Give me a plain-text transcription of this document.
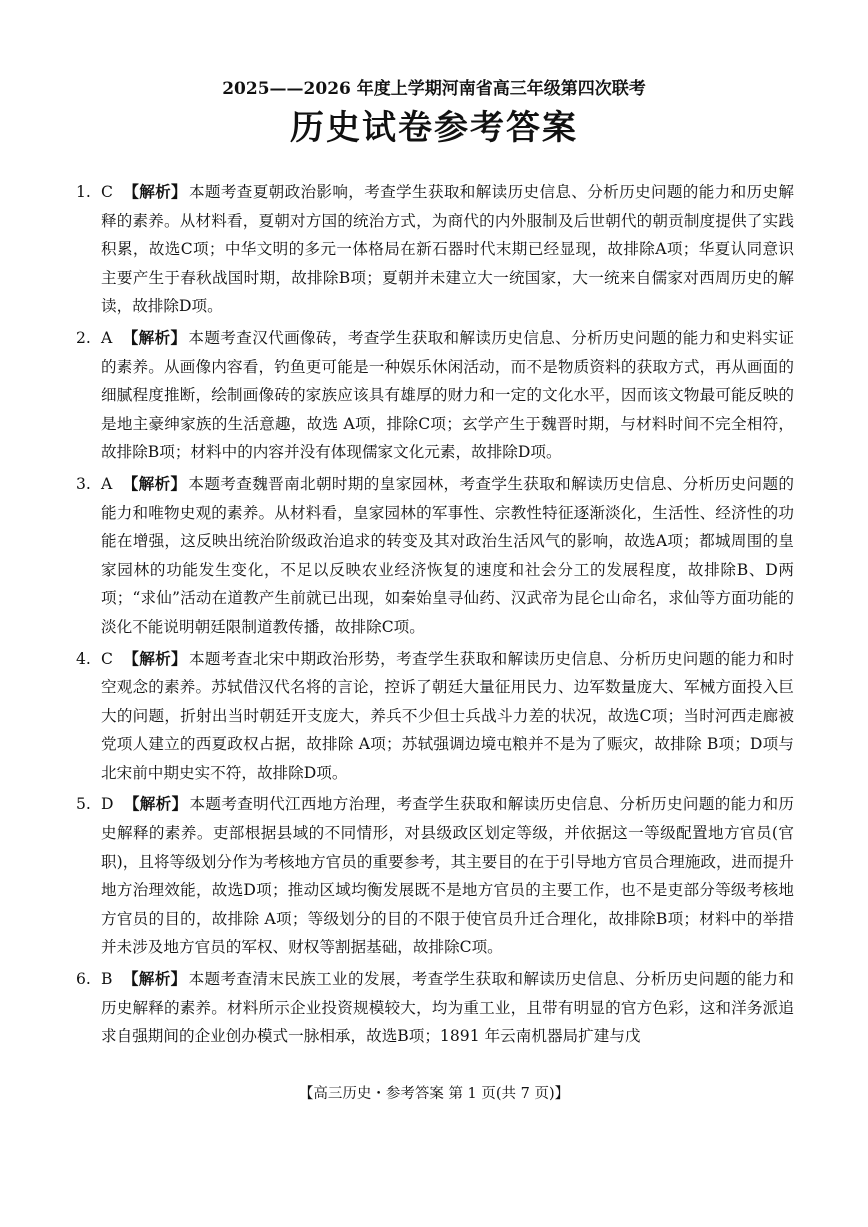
2025——2026 年度上学期河南省高三年级第四次联考
历史试卷参考答案
1. C 【解析】 本题考查夏朝政治影响，考查学生获取和解读历史信息、分析历史问题的能力和历史解释的素养。从材料看，夏朝对方国的统治方式，为商代的内外服制及后世朝代的朝贡制度提供了实践积累，故选C项；中华文明的多元一体格局在新石器时代末期已经显现，故排除A项；华夏认同意识主要产生于春秋战国时期，故排除B项；夏朝并未建立大一统国家，大一统来自儒家对西周历史的解读，故排除D项。
2. A 【解析】 本题考查汉代画像砖，考查学生获取和解读历史信息、分析历史问题的能力和史料实证的素养。从画像内容看，钓鱼更可能是一种娱乐休闲活动，而不是物质资料的获取方式，再从画面的细腻程度推断，绘制画像砖的家族应该具有雄厚的财力和一定的文化水平，因而该文物最可能反映的是地主豪绅家族的生活意趣，故选 A项，排除C项；玄学产生于魏晋时期，与材料时间不完全相符，故排除B项；材料中的内容并没有体现儒家文化元素，故排除D项。
3. A 【解析】 本题考查魏晋南北朝时期的皇家园林，考查学生获取和解读历史信息、分析历史问题的能力和唯物史观的素养。从材料看，皇家园林的军事性、宗教性特征逐渐淡化，生活性、经济性的功能在增强，这反映出统治阶级政治追求的转变及其对政治生活风气的影响，故选A项；都城周围的皇家园林的功能发生变化，不足以反映农业经济恢复的速度和社会分工的发展程度，故排除B、D两项；“求仙”活动在道教产生前就已出现，如秦始皇寻仙药、汉武帝为昆仑山命名，求仙等方面功能的淡化不能说明朝廷限制道教传播，故排除C项。
4. C 【解析】 本题考查北宋中期政治形势，考查学生获取和解读历史信息、分析历史问题的能力和时空观念的素养。苏轼借汉代名将的言论，控诉了朝廷大量征用民力、边军数量庞大、军械方面投入巨大的问题，折射出当时朝廷开支庞大，养兵不少但士兵战斗力差的状况，故选C项；当时河西走廊被党项人建立的西夏政权占据，故排除 A项；苏轼强调边境屯粮并不是为了赈灾，故排除 B项；D项与北宋前中期史实不符，故排除D项。
5. D 【解析】 本题考查明代江西地方治理，考查学生获取和解读历史信息、分析历史问题的能力和历史解释的素养。吏部根据县域的不同情形，对县级政区划定等级，并依据这一等级配置地方官员(官职)，且将等级划分作为考核地方官员的重要参考，其主要目的在于引导地方官员合理施政，进而提升地方治理效能，故选D项；推动区域均衡发展既不是地方官员的主要工作，也不是吏部分等级考核地方官员的目的，故排除 A项；等级划分的目的不限于使官员升迁合理化，故排除B项；材料中的举措并未涉及地方官员的军权、财权等割据基础，故排除C项。
6. B 【解析】 本题考查清末民族工业的发展，考查学生获取和解读历史信息、分析历史问题的能力和历史解释的素养。材料所示企业投资规模较大，均为重工业，且带有明显的官方色彩，这和洋务派追求自强期间的企业创办模式一脉相承，故选B项；1891 年云南机器局扩建与戊
【高三历史・参考答案 第 1 页(共 7 页)】
